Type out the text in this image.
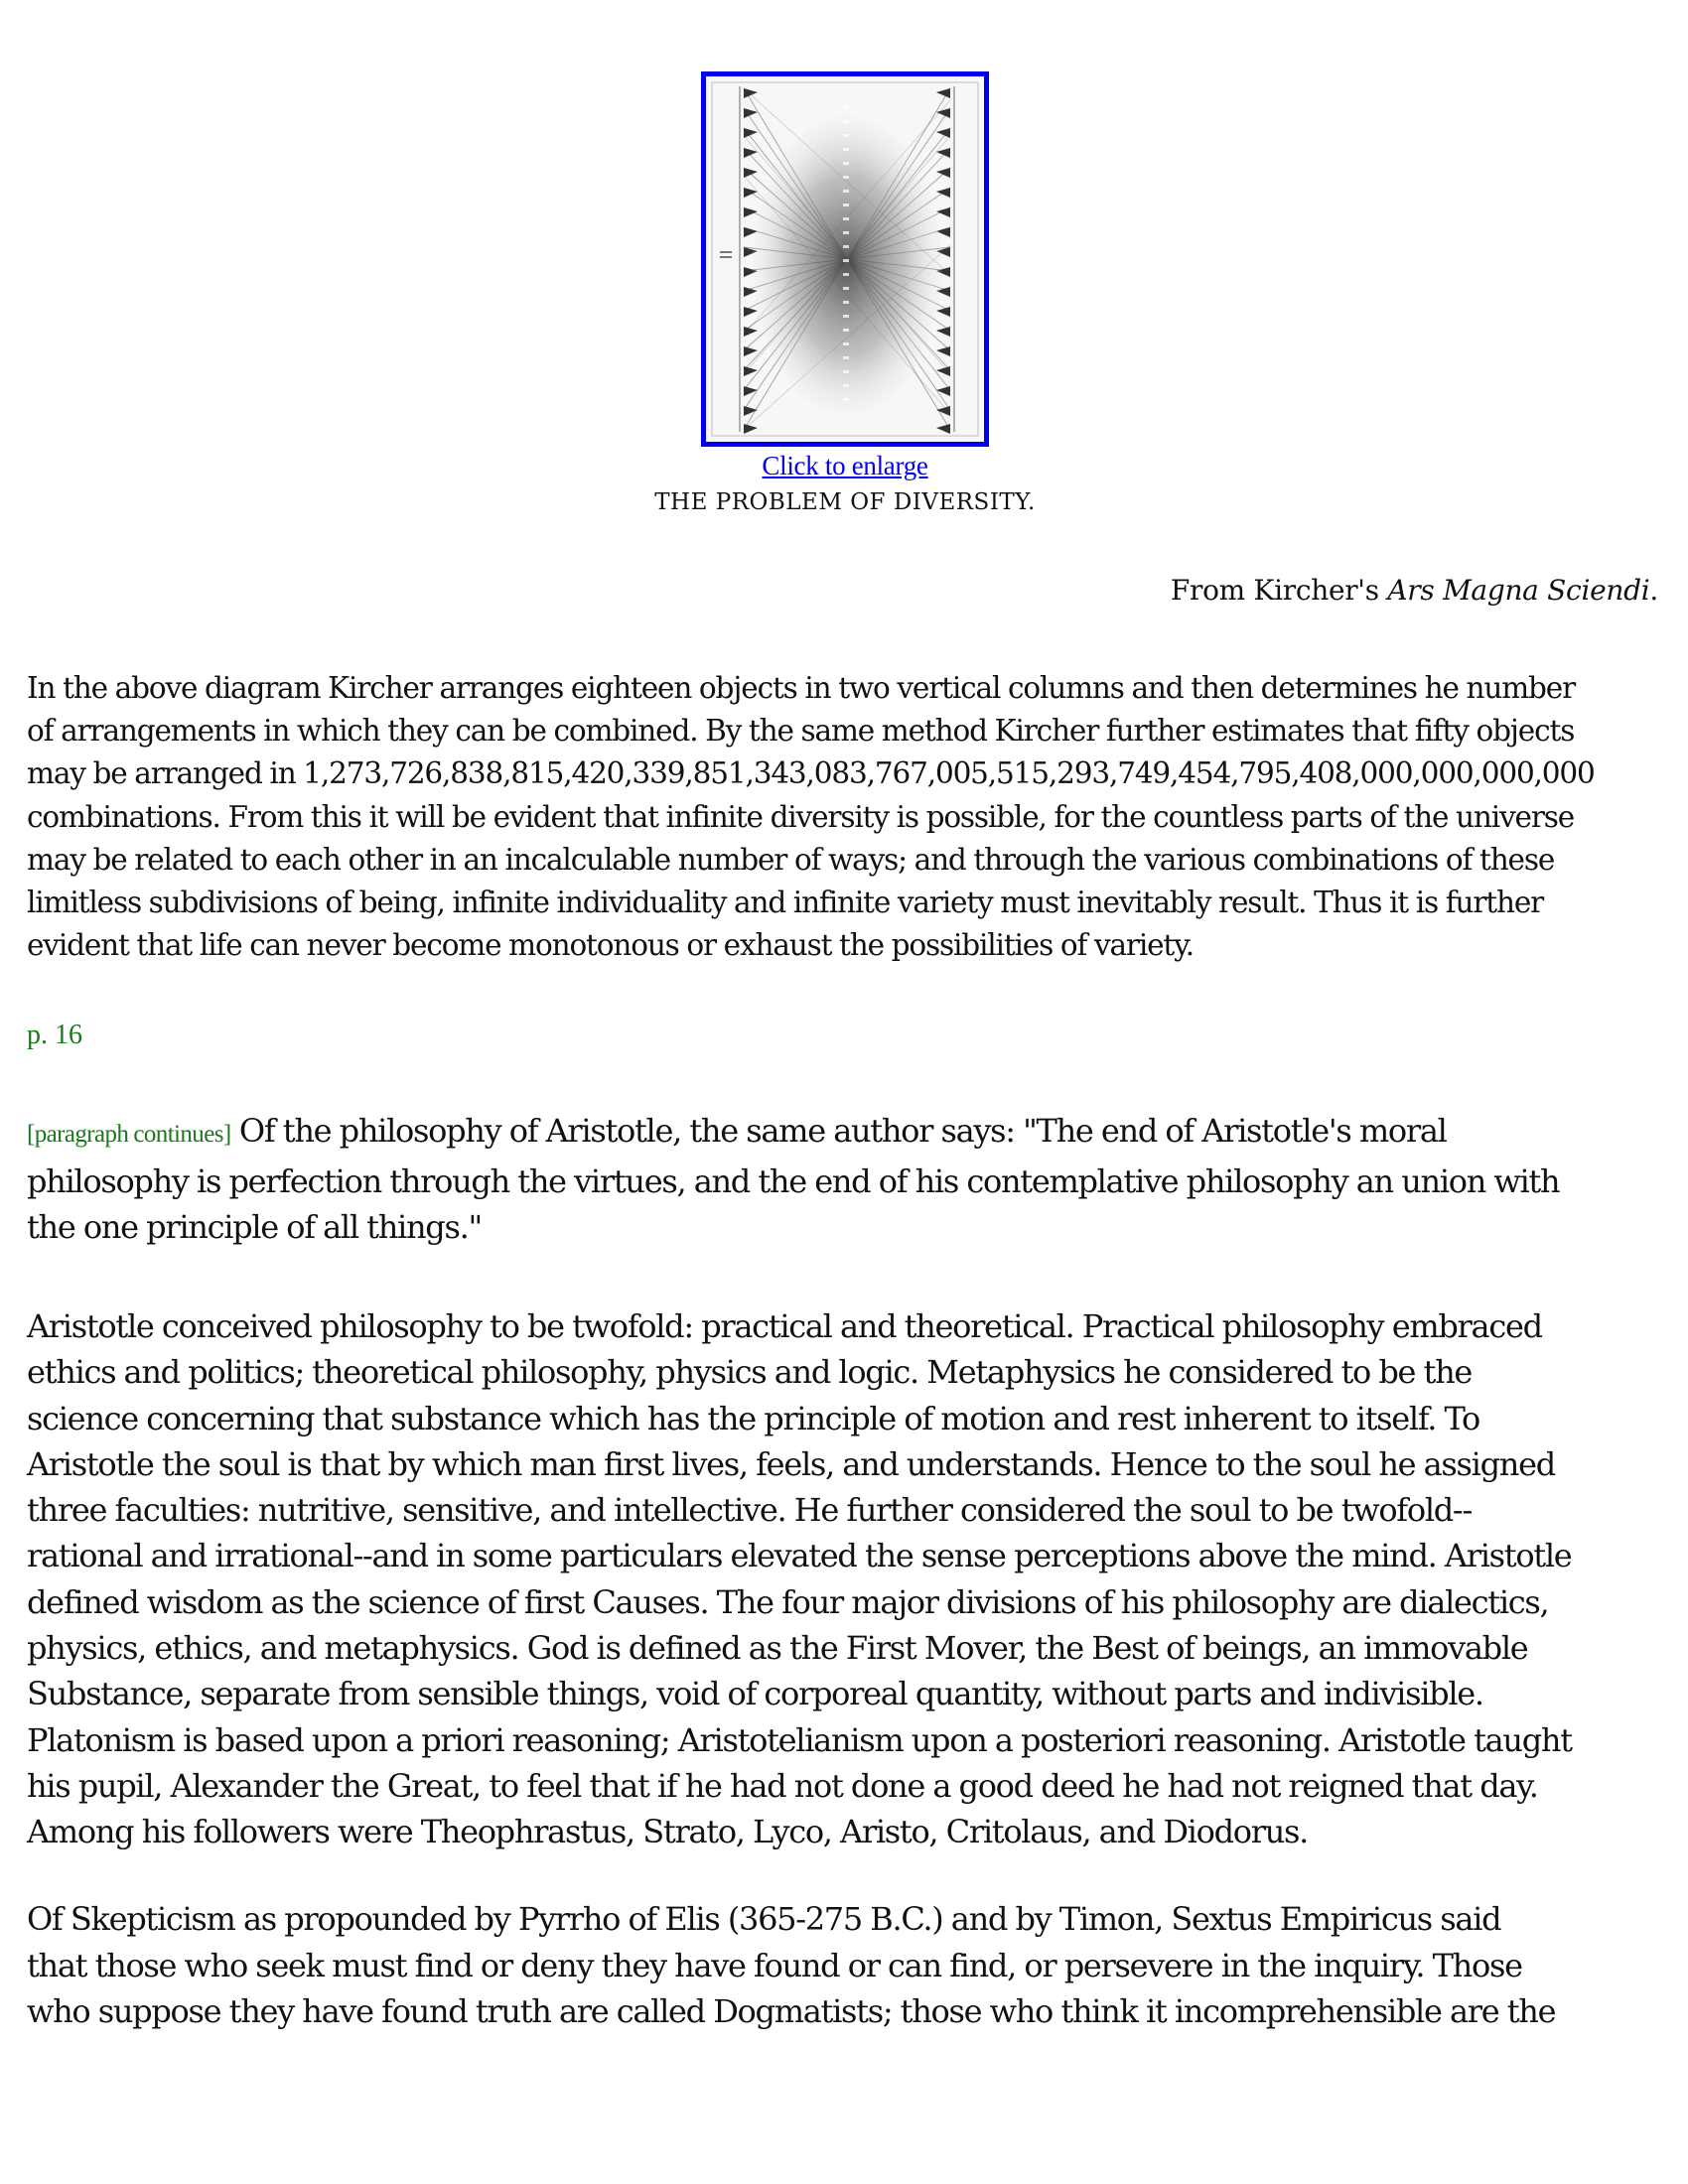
Click to enlarge
THE PROBLEM OF DIVERSITY.
From Kircher's Ars Magna Sciendi.

In the above diagram Kircher arranges eighteen objects in two vertical columns and then determines he number
of arrangements in which they can be combined. By the same method Kircher further estimates that fifty objects
may be arranged in 1,273,726,838,815,420,339,851,343,083,767,005,515,293,749,454,795,408,000,000,000,000
combinations. From this it will be evident that infinite diversity is possible, for the countless parts of the universe
may be related to each other in an incalculable number of ways; and through the various combinations of these
limitless subdivisions of being, infinite individuality and infinite variety must inevitably result. Thus it is further
evident that life can never become monotonous or exhaust the possibilities of variety.

p. 16

[paragraph continues] Of the philosophy of Aristotle, the same author says: "The end of Aristotle's moral
philosophy is perfection through the virtues, and the end of his contemplative philosophy an union with
the one principle of all things."

Aristotle conceived philosophy to be twofold: practical and theoretical. Practical philosophy embraced
ethics and politics; theoretical philosophy, physics and logic. Metaphysics he considered to be the
science concerning that substance which has the principle of motion and rest inherent to itself. To
Aristotle the soul is that by which man first lives, feels, and understands. Hence to the soul he assigned
three faculties: nutritive, sensitive, and intellective. He further considered the soul to be twofold--
rational and irrational--and in some particulars elevated the sense perceptions above the mind. Aristotle
defined wisdom as the science of first Causes. The four major divisions of his philosophy are dialectics,
physics, ethics, and metaphysics. God is defined as the First Mover, the Best of beings, an immovable
Substance, separate from sensible things, void of corporeal quantity, without parts and indivisible.
Platonism is based upon a priori reasoning; Aristotelianism upon a posteriori reasoning. Aristotle taught
his pupil, Alexander the Great, to feel that if he had not done a good deed he had not reigned that day.
Among his followers were Theophrastus, Strato, Lyco, Aristo, Critolaus, and Diodorus.

Of Skepticism as propounded by Pyrrho of Elis (365-275 B.C.) and by Timon, Sextus Empiricus said
that those who seek must find or deny they have found or can find, or persevere in the inquiry. Those
who suppose they have found truth are called Dogmatists; those who think it incomprehensible are the
